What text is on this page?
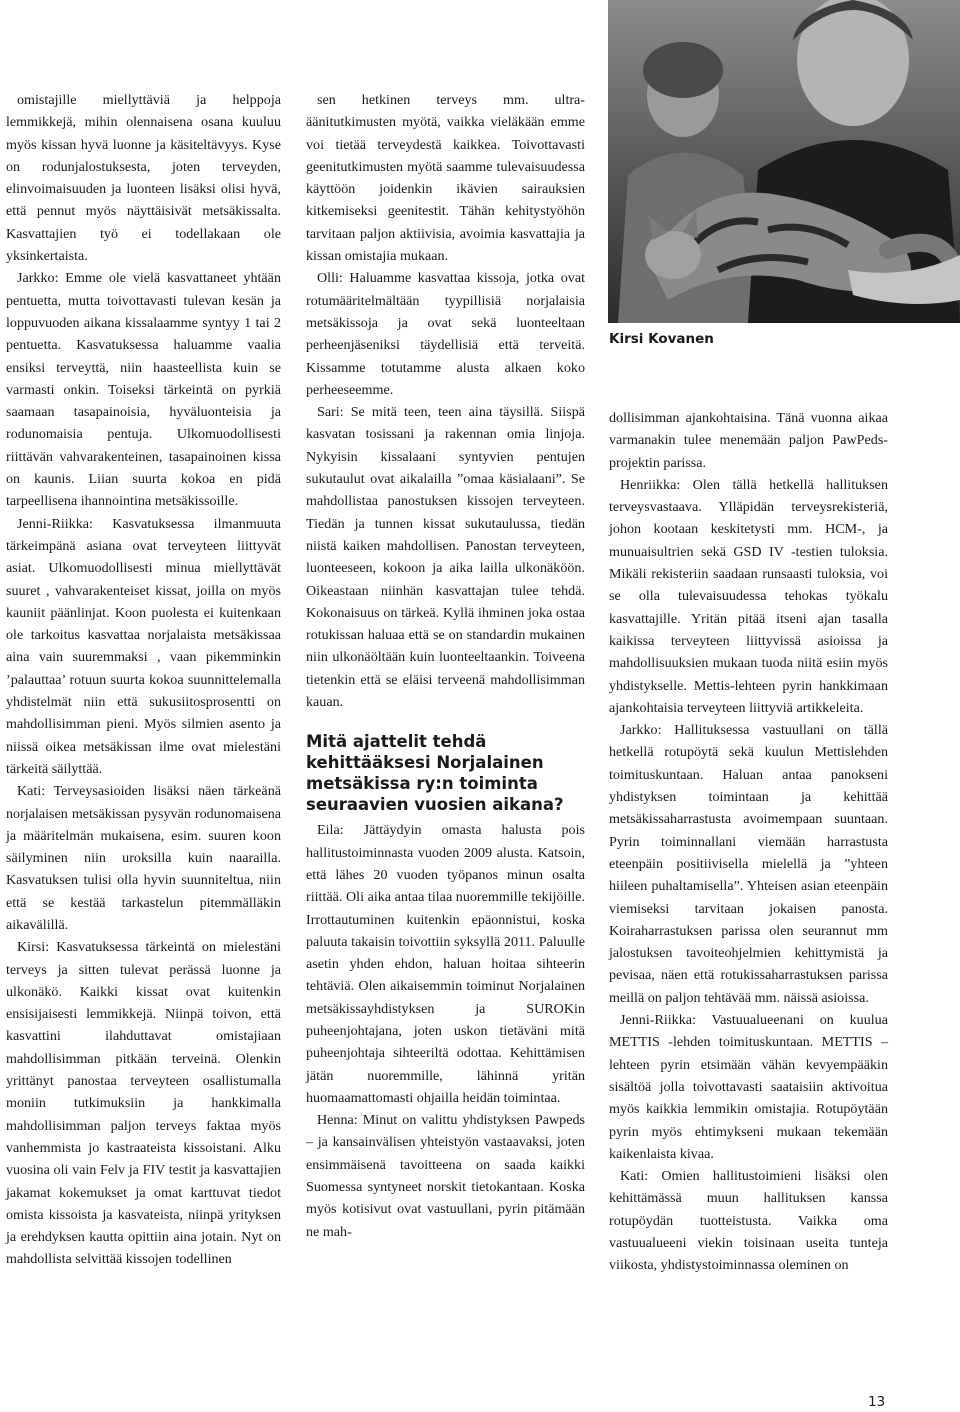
omistajille miellyttäviä ja helppoja lemmikkejä, mihin olennaisena osana kuuluu myös kissan hyvä luonne ja käsiteltävyys. Kyse on rodunjalostuksesta, joten terveyden, elinvoimaisuuden ja luonteen lisäksi olisi hyvä, että pennut myös näyttäisivät metsäkissalta. Kasvattajien työ ei todellakaan ole yksinkertaista.

Jarkko: Emme ole vielä kasvattaneet yhtään pentuetta, mutta toivottavasti tulevan kesän ja loppuvuoden aikana kissalaamme syntyy 1 tai 2 pentuetta. Kasvatuksessa haluamme vaalia ensiksi terveyttä, niin haasteellista kuin se varmasti onkin. Toiseksi tärkeintä on pyrkiä saamaan tasapainoisia, hyväluonteisia ja rodunomaisia pentuja. Ulkomuodollisesti riittävän vahvarakenteinen, tasapainoinen kissa on kaunis. Liian suurta kokoa en pidä tarpeellisena ihannointina metsäkissoille.

Jenni-Riikka: Kasvatuksessa ilmanmuuta tärkeimpänä asiana ovat terveyteen liittyvät asiat. Ulkomuodollisesti minua miellyttävät suuret , vahvarakenteiset kissat, joilla on myös kauniit päänlinjat. Koon puolesta ei kuitenkaan ole tarkoitus kasvattaa norjalaista metsäkissaa aina vain suuremmaksi , vaan pikemminkin ’palauttaa’ rotuun suurta kokoa suunnittelemalla yhdistelmät niin että sukusiitosprosentti on mahdollisimman pieni. Myös silmien asento ja niissä oikea metsäkissan ilme ovat mielestäni tärkeitä säilyttää.

Kati: Terveysasioiden lisäksi näen tärkeänä norjalaisen metsäkissan pysyvän rodunomaisena ja määritelmän mukaisena, esim. suuren koon säilyminen niin uroksilla kuin naarailla. Kasvatuksen tulisi olla hyvin suunniteltua, niin että se kestää tarkastelun pitemmälläkin aikavälillä.

Kirsi: Kasvatuksessa tärkeintä on mielestäni terveys ja sitten tulevat perässä luonne ja ulkonäkö. Kaikki kissat ovat kuitenkin ensisijaisesti lemmikkejä. Niinpä toivon, että kasvattini ilahduttavat omistajiaan mahdollisimman pitkään terveinä. Olenkin yrittänyt panostaa terveyteen osallistumalla moniin tutkimuksiin ja hankkimalla mahdollisimman paljon terveys faktaa myös vanhemmista jo kastraateista kissoistani. Alku vuosina oli vain Felv ja FIV testit ja kasvattajien jakamat kokemukset ja omat karttuvat tiedot omista kissoista ja kasvateista, niinpä yrityksen ja erehdyksen kautta opittiin aina jotain. Nyt on mahdollista selvittää kissojen todellinen

sen hetkinen terveys mm. ultra-äänitutkimusten myötä, vaikka vieläkään emme voi tietää terveydestä kaikkea. Toivottavasti geenitutkimusten myötä saamme tulevaisuudessa käyttöön joidenkin ikävien sairauksien kitkemiseksi geenitestit. Tähän kehitystyöhön tarvitaan paljon aktiivisia, avoimia kasvattajia ja kissan omistajia mukaan.

Olli: Haluamme kasvattaa kissoja, jotka ovat rotumääritelmältään tyypillisiä norjalaisia metsäkissoja ja ovat sekä luonteeltaan perheenjäseniksi täydellisiä että terveitä. Kissamme totutamme alusta alkaen koko perheeseemme.

Sari: Se mitä teen, teen aina täysillä. Siispä kasvatan tosissani ja rakennan omia linjoja. Nykyisin kissalaani syntyvien pentujen sukutaulut ovat aikalailla ”omaa käsialaani”. Se mahdollistaa panostuksen kissojen terveyteen. Tiedän ja tunnen kissat sukutaulussa, tiedän niistä kaiken mahdollisen. Panostan terveyteen, luonteeseen, kokoon ja aika lailla ulkonäköön. Oikeastaan niinhän kasvattajan tulee tehdä. Kokonaisuus on tärkeä. Kyllä ihminen joka ostaa rotukissan haluaa että se on standardin mukainen niin ulkonäöltään kuin luonteeltaankin. Toiveena tietenkin että se eläisi terveenä mahdollisimman kauan.

Mitä ajattelit tehdä kehittääksesi Norjalainen metsäkissa ry:n toiminta seuraavien vuosien aikana?

Eila: Jättäydyin omasta halusta pois hallitustoiminnasta vuoden 2009 alusta. Katsoin, että lähes 20 vuoden työpanos minun osalta riittää. Oli aika antaa tilaa nuoremmille tekijöille. Irrottautuminen kuitenkin epäonnistui, koska paluuta takaisin toivottiin syksyllä 2011. Paluulle asetin yhden ehdon, haluan hoitaa sihteerin tehtäviä. Olen aikaisemmin toiminut Norjalainen metsäkissayhdistyksen ja SUROKin puheenjohtajana, joten uskon tietäväni mitä puheenjohtaja sihteeriltä odottaa. Kehittämisen jätän nuoremmille, lähinnä yritän huomaamattomasti ohjailla heidän toimintaa.

Henna: Minut on valittu yhdistyksen Pawpeds – ja kansainvälisen yhteistyön vastaavaksi, joten ensimmäisenä tavoitteena on saada kaikki Suomessa syntyneet norskit tietokantaan. Koska myös kotisivut ovat vastuullani, pyrin pitämään ne mah-

Kirsi Kovanen

dollisimman ajankohtaisina. Tänä vuonna aikaa varmanakin tulee menemään paljon PawPeds-projektin parissa.

Henriikka: Olen tällä hetkellä hallituksen terveysvastaava. Ylläpidän terveysrekisteriä, johon kootaan keskitetysti mm. HCM-, ja munuaisultrien sekä GSD IV -testien tuloksia. Mikäli rekisteriin saadaan runsaasti tuloksia, voi se olla tulevaisuudessa tehokas työkalu kasvattajille. Yritän pitää itseni ajan tasalla kaikissa terveyteen liittyvissä asioissa ja mahdollisuuksien mukaan tuoda niitä esiin myös yhdistykselle. Mettis-lehteen pyrin hankkimaan ajankohtaisia terveyteen liittyviä artikkeleita.

Jarkko: Hallituksessa vastuullani on tällä hetkellä rotupöytä sekä kuulun Mettislehden toimituskuntaan. Haluan antaa panokseni yhdistyksen toimintaan ja kehittää metsäkissaharrastusta avoimempaan suuntaan. Pyrin toiminnallani viemään harrastusta eteenpäin positiivisella mielellä ja ”yhteen hiileen puhaltamisella”. Yhteisen asian eteenpäin viemiseksi tarvitaan jokaisen panosta. Koiraharrastuksen parissa olen seurannut mm jalostuksen tavoiteohjelmien kehittymistä ja pevisaa, näen että rotukissaharrastuksen parissa meillä on paljon tehtävää mm. näissä asioissa.

Jenni-Riikka: Vastuualueenani on kuulua METTIS -lehden toimituskuntaan. METTIS – lehteen pyrin etsimään vähän kevyempääkin sisältöä jolla toivottavasti saataisiin aktivoitua myös kaikkia lemmikin omistajia. Rotupöytään pyrin myös ehtimykseni mukaan tekemään kaikenlaista kivaa.

Kati: Omien hallitustoimieni lisäksi olen kehittämässä muun hallituksen kanssa rotupöydän tuotteistusta. Vaikka oma vastuualueeni viekin toisinaan useita tunteja viikosta, yhdistystoiminnassa oleminen on

13
